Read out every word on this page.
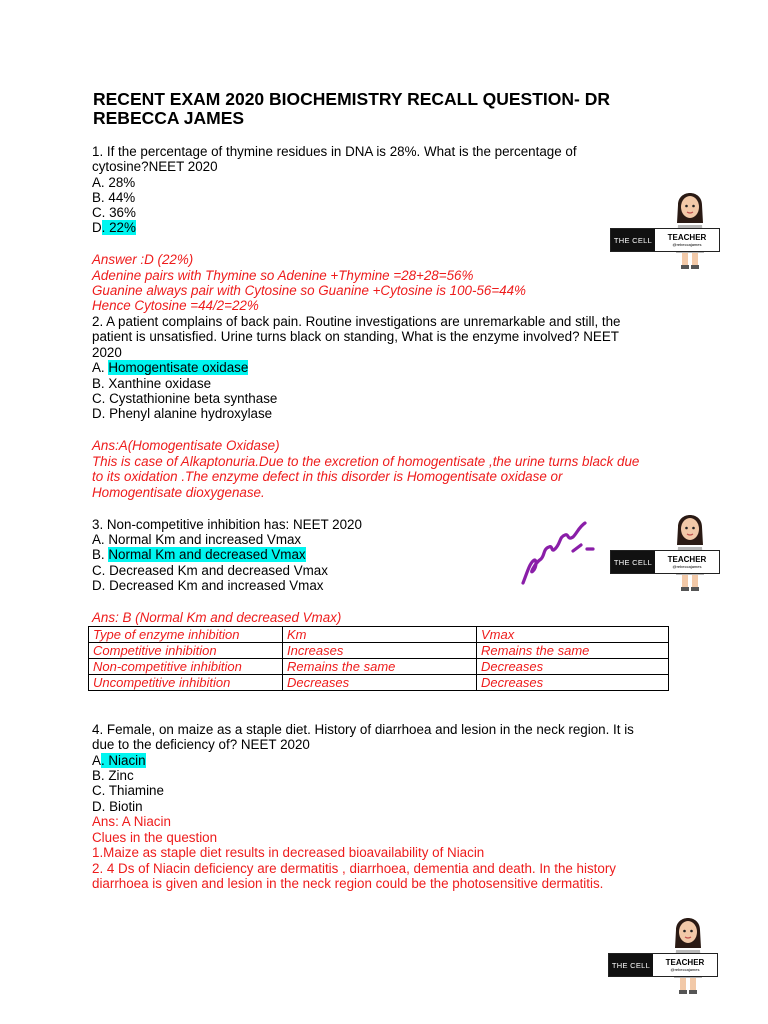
RECENT EXAM 2020 BIOCHEMISTRY RECALL QUESTION- DR
REBECCA JAMES
1. If the percentage of thymine residues in DNA is 28%. What is the percentage of
cytosine?NEET 2020
A. 28%
B. 44%
C. 36%
D. 22%
Answer :D (22%)
Adenine pairs with Thymine so Adenine +Thymine =28+28=56%
Guanine always pair with Cytosine so Guanine +Cytosine is 100-56=44%
Hence Cytosine =44/2=22%
2. A patient complains of back pain. Routine investigations are unremarkable and still, the
patient is unsatisfied. Urine turns black on standing, What is the enzyme involved? NEET
2020
A. Homogentisate oxidase
B. Xanthine oxidase
C. Cystathionine beta synthase
D. Phenyl alanine hydroxylase
Ans:A(Homogentisate Oxidase)
This is case of Alkaptonuria.Due to the excretion of homogentisate ,the urine turns black due
to its oxidation .The enzyme defect in this disorder is Homogentisate oxidase or
Homogentisate dioxygenase.
3. Non-competitive inhibition has: NEET 2020
A. Normal Km and increased Vmax
B. Normal Km and decreased Vmax
C. Decreased Km and decreased Vmax
D. Decreased Km and increased Vmax
Ans: B (Normal Km and decreased Vmax)
Type of enzyme inhibition	Km	Vmax
Competitive inhibition	Increases	Remains the same
Non-competitive inhibition	Remains the same	Decreases
Uncompetitive inhibition	Decreases	Decreases
4. Female, on maize as a staple diet. History of diarrhoea and lesion in the neck region. It is
due to the deficiency of? NEET 2020
A. Niacin
B. Zinc
C. Thiamine
D. Biotin
Ans: A Niacin
Clues in the question
1.Maize as staple diet results in decreased bioavailability of Niacin
2. 4 Ds of Niacin deficiency are dermatitis , diarrhoea, dementia and death. In the history
diarrhoea is given and lesion in the neck region could be the photosensitive dermatitis.
THE CELL	TEACHER
@rebeccajames
THE CELL	TEACHER
@rebeccajames
THE CELL	TEACHER
@rebeccajames
